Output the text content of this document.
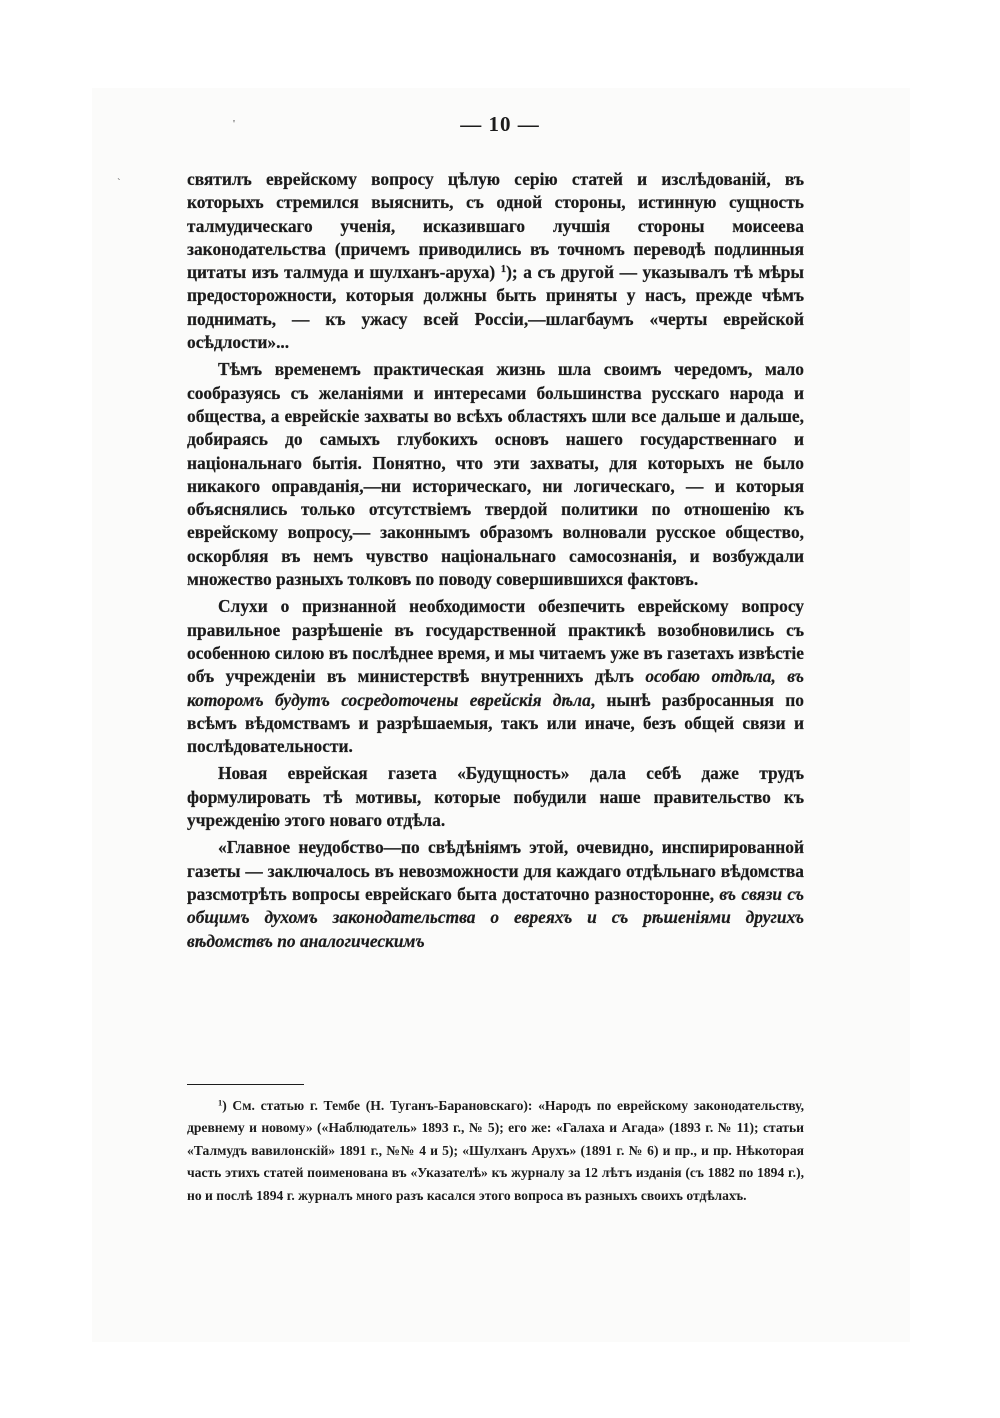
'
`
— 10 —

святилъ еврейскому вопросу цѣлую серію статей и изслѣдованій, въ которыхъ стремился выяснить, съ одной стороны, истинную сущность талмудическаго ученія, исказившаго лучшія стороны моисеева законодательства (причемъ приводились въ точномъ переводѣ подлинныя цитаты изъ талмуда и шулханъ-аруха) $^1$); а съ другой — указывалъ тѣ мѣры предосторожности, которыя должны быть приняты у насъ, прежде чѣмъ поднимать, — къ ужасу всей Россіи,—шлагбаумъ «черты еврейской осѣдлости»...

Тѣмъ временемъ практическая жизнь шла своимъ чередомъ, мало сообразуясь съ желаніями и интересами большинства русскаго народа и общества, а еврейскіе захваты во всѣхъ областяхъ шли все дальше и дальше, добираясь до самыхъ глубокихъ основъ нашего государственнаго и національнаго бытія. Понятно, что эти захваты, для которыхъ не было никакого оправданія,—ни историческаго, ни логическаго, — и которыя объяснялись только отсутствіемъ твердой политики по отношенію къ еврейскому вопросу,— законнымъ образомъ волновали русское общество, оскорбляя въ немъ чувство національнаго самосознанія, и возбуждали множество разныхъ толковъ по поводу совершившихся фактовъ.

Слухи о признанной необходимости обезпечить еврейскому вопросу правильное разрѣшеніе въ государственной практикѣ возобновились съ особенною силою въ послѣднее время, и мы читаемъ уже въ газетахъ извѣстіе объ учрежденіи въ министерствѣ внутреннихъ дѣлъ особаю отдѣла, въ которомъ будутъ сосредоточены еврейскія дѣла, нынѣ разбросанныя по всѣмъ вѣдомствамъ и разрѣшаемыя, такъ или иначе, безъ общей связи и послѣдовательности.

Новая еврейская газета «Будущность» дала себѣ даже трудъ формулировать тѣ мотивы, которые побудили наше правительство къ учрежденію этого новаго отдѣла.

«Главное неудобство—по свѣдѣніямъ этой, очевидно, инспирированной газеты — заключалось въ невозможности для каждаго отдѣльнаго вѣдомства разсмотрѣть вопросы еврейскаго быта достаточно разносторонне, въ связи съ общимъ духомъ законодательства о евреяхъ и съ рѣшеніями другихъ вѣдомствъ по аналогическимъ

$^1$) См. статью г. Тембе (Н. Туганъ-Барановскаго): «Народъ по еврейскому законодательству, древнему и новому» («Наблюдатель» 1893 г., № 5); его же: «Галаха и Агада» (1893 г. № 11); статьи «Талмудъ вавилонскій» 1891 г., №№ 4 и 5); «Шулханъ Арухъ» (1891 г. № 6) и пр., и пр. Нѣкоторая часть этихъ статей поименована въ «Указателѣ» къ журналу за 12 лѣтъ изданія (съ 1882 по 1894 г.), но и послѣ 1894 г. журналъ много разъ касался этого вопроса въ разныхъ своихъ отдѣлахъ.
